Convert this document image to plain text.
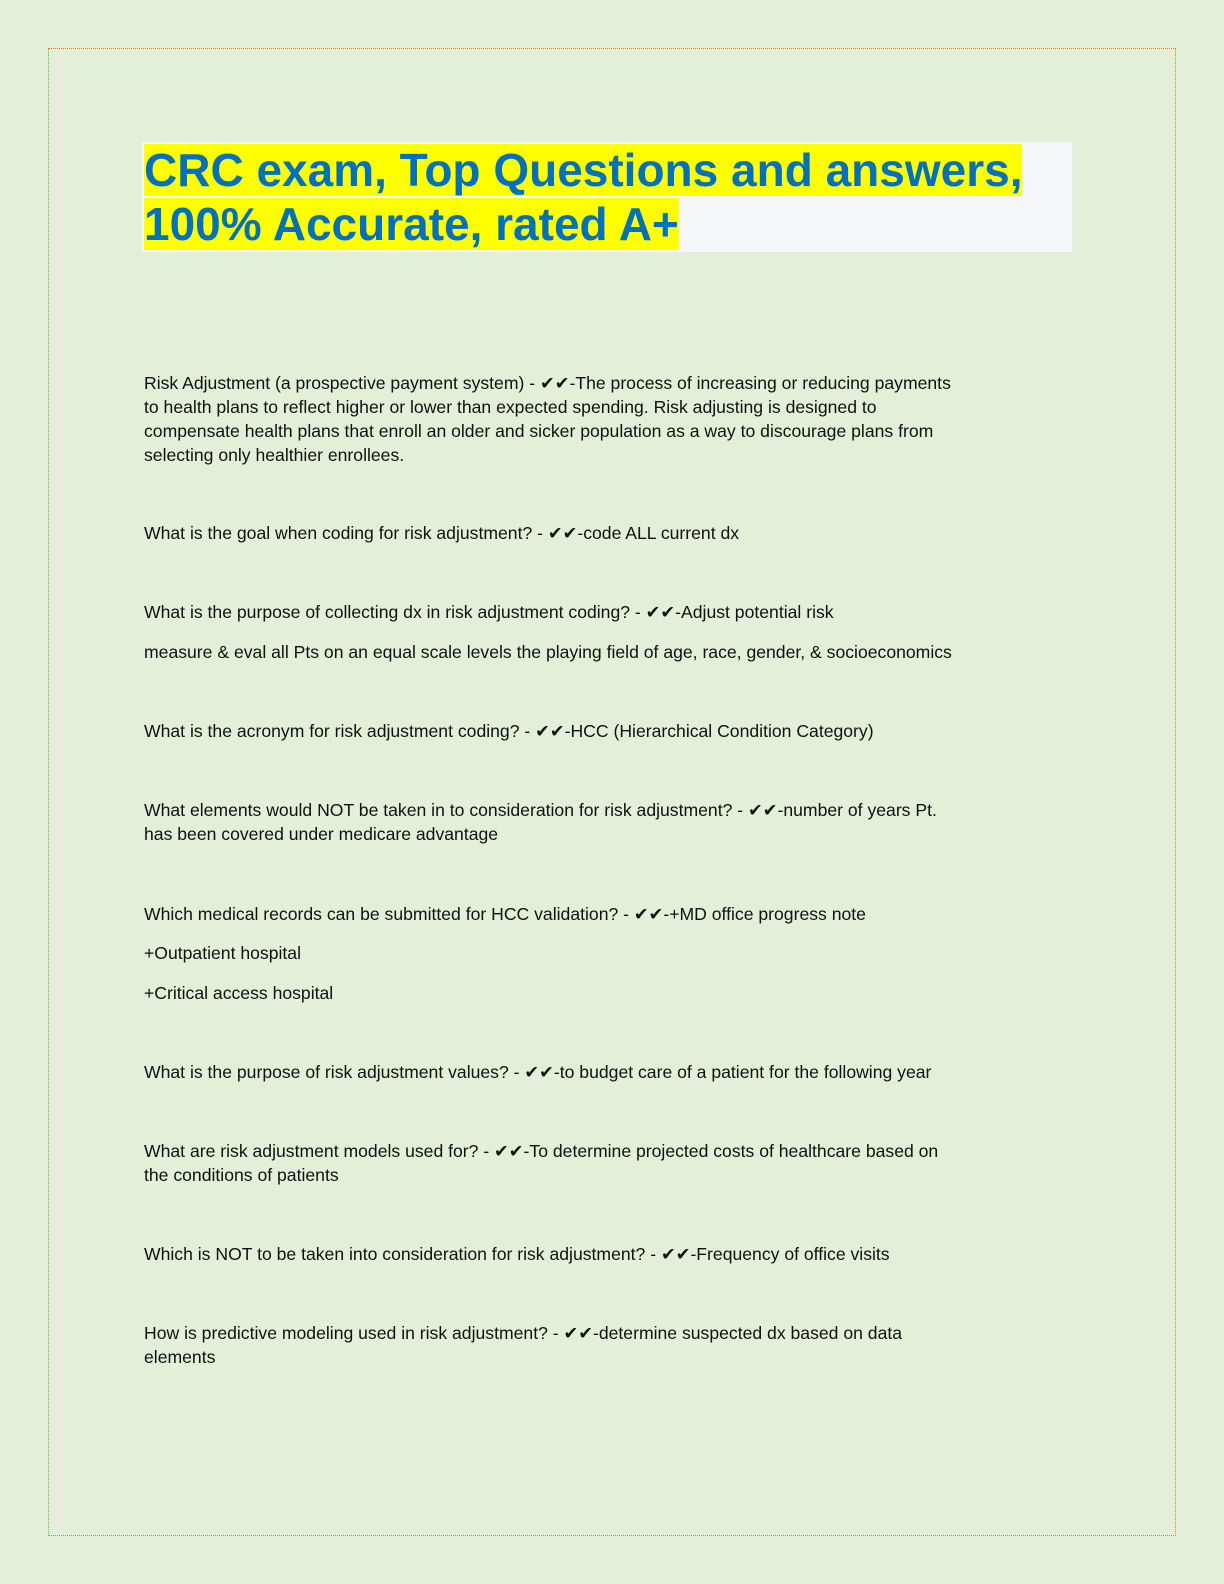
CRC exam, Top Questions and answers,
100% Accurate, rated A+
Risk Adjustment (a prospective payment system) - ✔✔-The process of increasing or reducing payments
to health plans to reflect higher or lower than expected spending. Risk adjusting is designed to
compensate health plans that enroll an older and sicker population as a way to discourage plans from
selecting only healthier enrollees.
What is the goal when coding for risk adjustment? - ✔✔-code ALL current dx
What is the purpose of collecting dx in risk adjustment coding? - ✔✔-Adjust potential risk
measure & eval all Pts on an equal scale levels the playing field of age, race, gender, & socioeconomics
What is the acronym for risk adjustment coding? - ✔✔-HCC (Hierarchical Condition Category)
What elements would NOT be taken in to consideration for risk adjustment? - ✔✔-number of years Pt.
has been covered under medicare advantage
Which medical records can be submitted for HCC validation? - ✔✔-+MD office progress note
+Outpatient hospital
+Critical access hospital
What is the purpose of risk adjustment values? - ✔✔-to budget care of a patient for the following year
What are risk adjustment models used for? - ✔✔-To determine projected costs of healthcare based on
the conditions of patients
Which is NOT to be taken into consideration for risk adjustment? - ✔✔-Frequency of office visits
How is predictive modeling used in risk adjustment? - ✔✔-determine suspected dx based on data
elements
